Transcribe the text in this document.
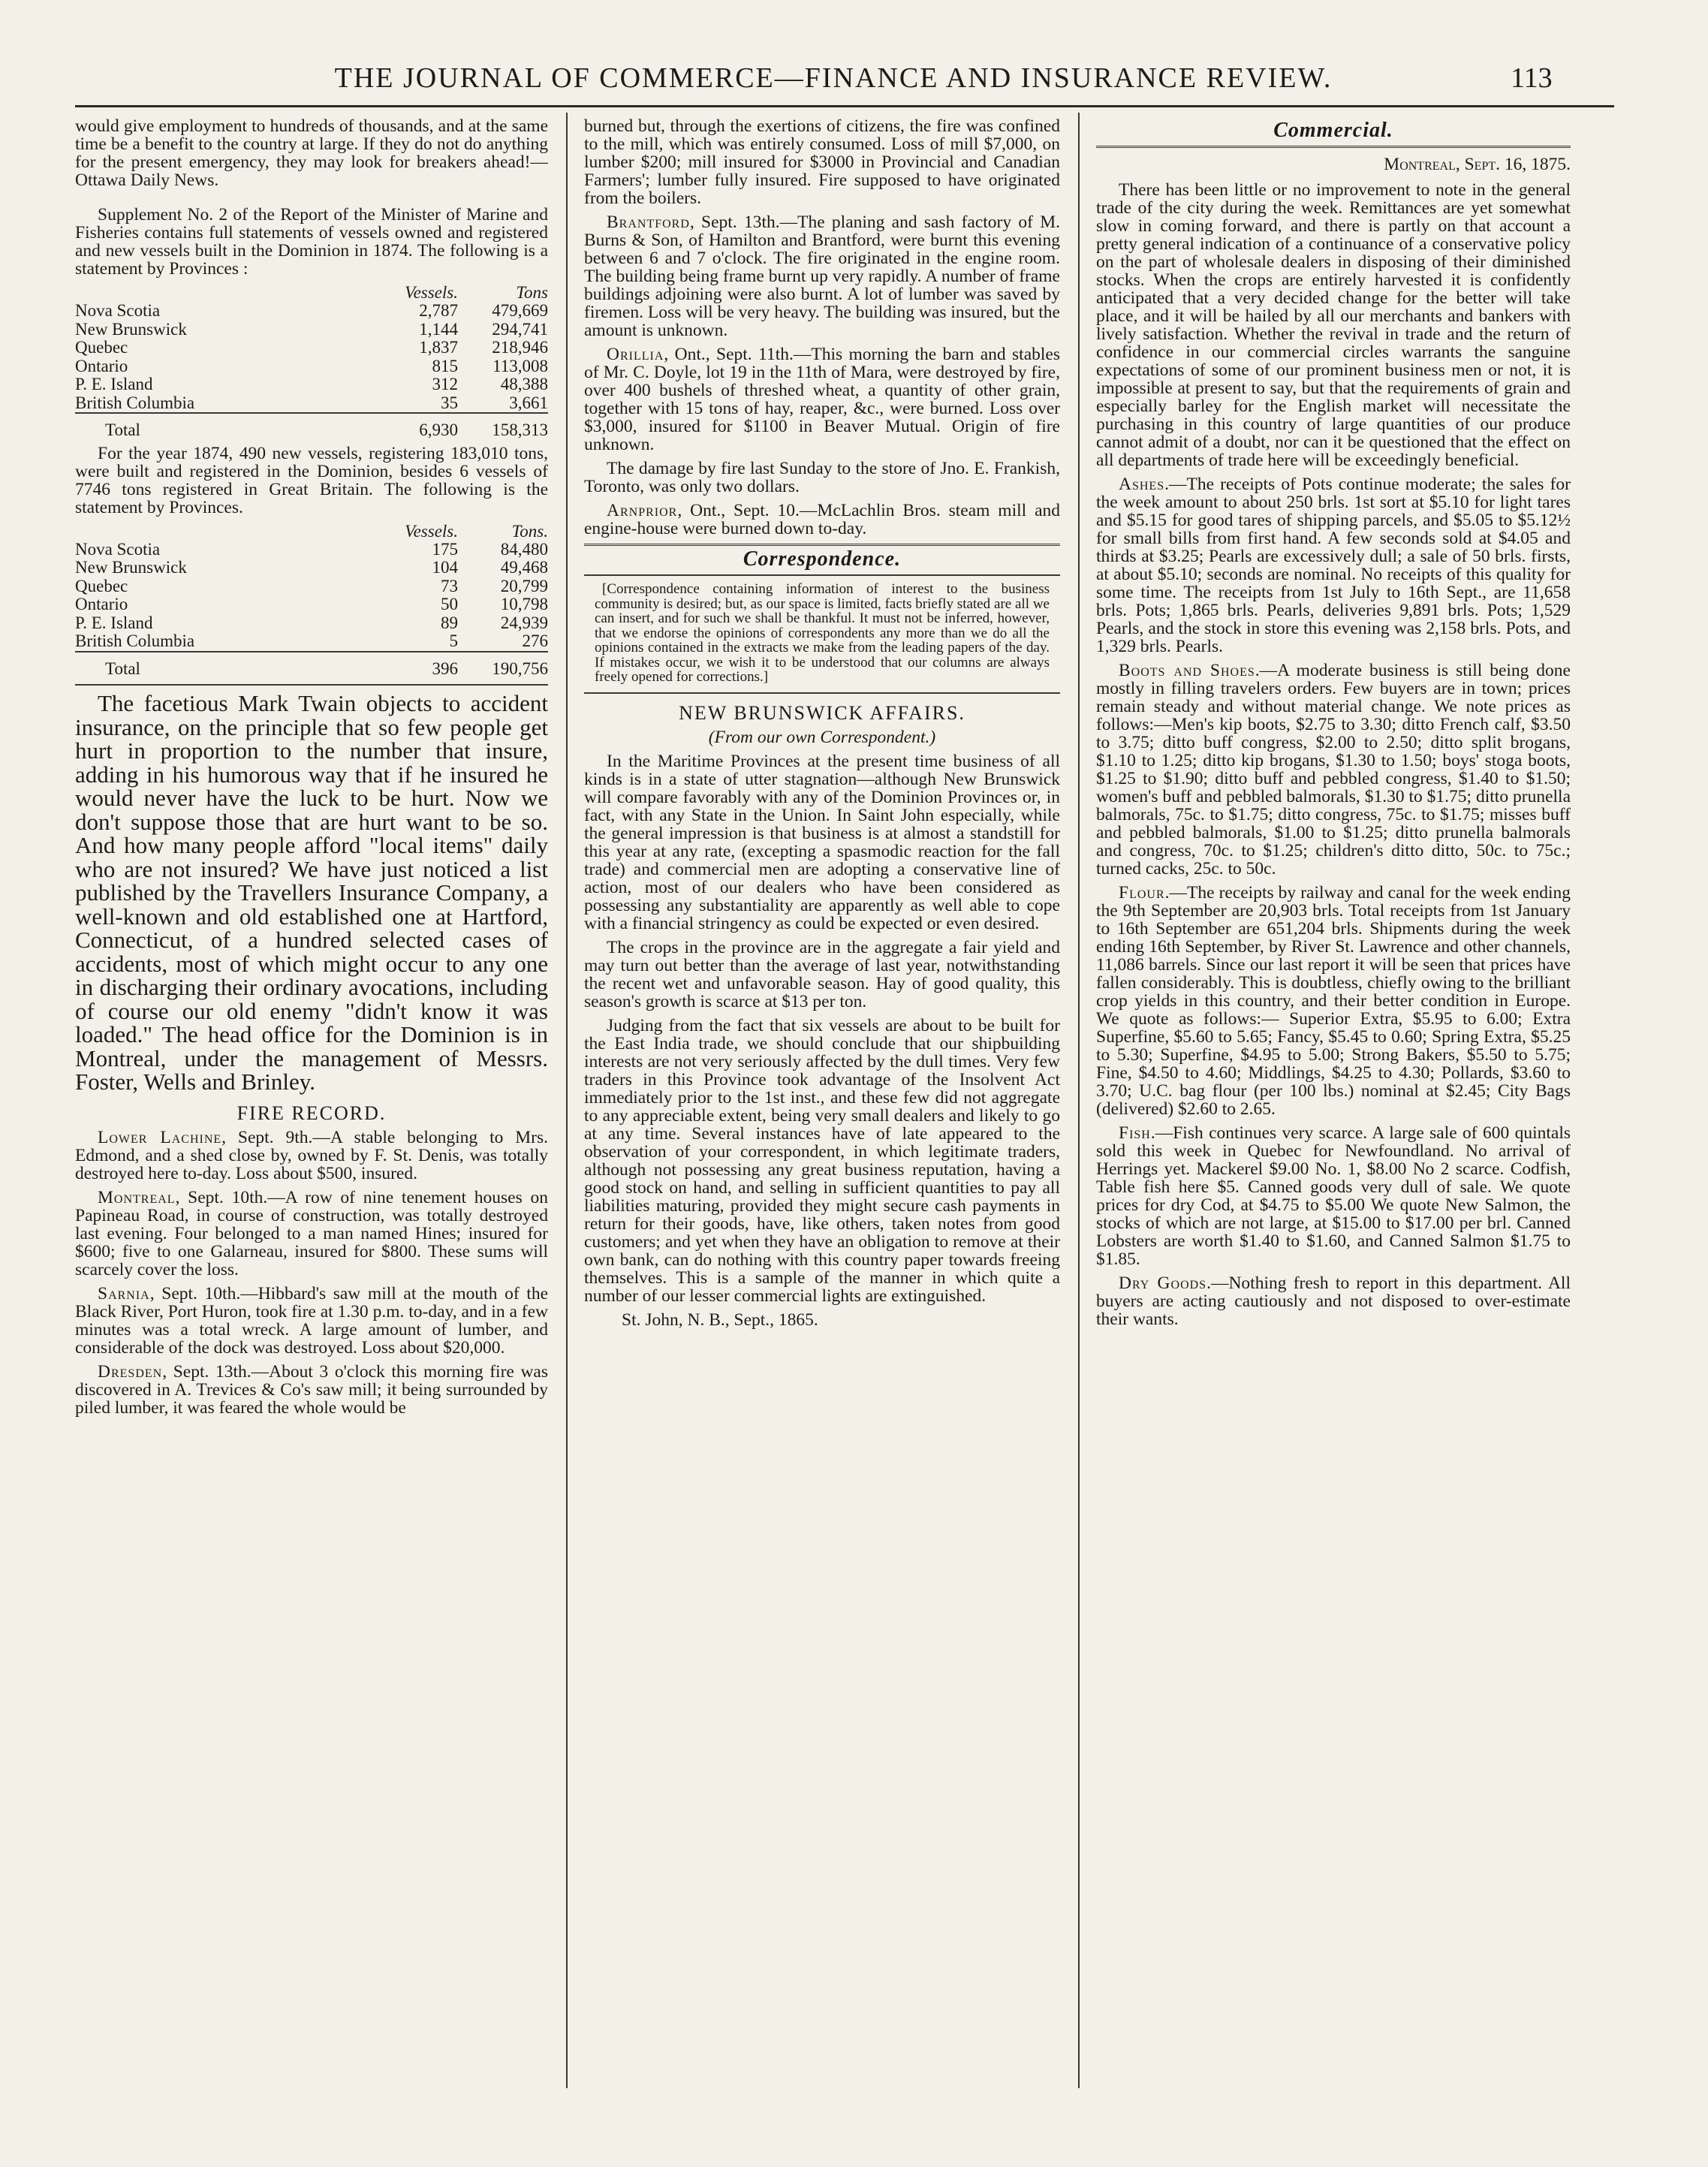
THE JOURNAL OF COMMERCE—FINANCE AND INSURANCE REVIEW.	113

would give employment to hundreds of thousands, and at the same time be a benefit to the country at large. If they do not do anything for the present emergency, they may look for breakers ahead!—Ottawa Daily News.

Supplement No. 2 of the Report of the Minister of Marine and Fisheries contains full statements of vessels owned and registered and new vessels built in the Dominion in 1874. The following is a statement by Provinces :

	Vessels.	Tons
Nova Scotia	2,787	479,669
New Brunswick	1,144	294,741
Quebec	1,837	218,946
Ontario	815	113,008
P. E. Island	312	48,388
British Columbia	35	3,661
Total	6,930	158,313

For the year 1874, 490 new vessels, registering 183,010 tons, were built and registered in the Dominion, besides 6 vessels of 7746 tons registered in Great Britain. The following is the statement by Provinces.

	Vessels.	Tons.
Nova Scotia	175	84,480
New Brunswick	104	49,468
Quebec	73	20,799
Ontario	50	10,798
P. E. Island	89	24,939
British Columbia	5	276
Total	396	190,756

The facetious Mark Twain objects to accident insurance, on the principle that so few people get hurt in proportion to the number that insure, adding in his humorous way that if he insured he would never have the luck to be hurt. Now we don't suppose those that are hurt want to be so. And how many people afford "local items" daily who are not insured? We have just noticed a list published by the Travellers Insurance Company, a well-known and old established one at Hartford, Connecticut, of a hundred selected cases of accidents, most of which might occur to any one in discharging their ordinary avocations, including of course our old enemy "didn't know it was loaded." The head office for the Dominion is in Montreal, under the management of Messrs. Foster, Wells and Brinley.

FIRE RECORD.

Lower Lachine, Sept. 9th.—A stable belonging to Mrs. Edmond, and a shed close by, owned by F. St. Denis, was totally destroyed here to-day. Loss about $500, insured.

Montreal, Sept. 10th.—A row of nine tenement houses on Papineau Road, in course of construction, was totally destroyed last evening. Four belonged to a man named Hines; insured for $600; five to one Galarneau, insured for $800. These sums will scarcely cover the loss.

Sarnia, Sept. 10th.—Hibbard's saw mill at the mouth of the Black River, Port Huron, took fire at 1.30 p.m. to-day, and in a few minutes was a total wreck. A large amount of lumber, and considerable of the dock was destroyed. Loss about $20,000.

Dresden, Sept. 13th.—About 3 o'clock this morning fire was discovered in A. Trevices & Co's saw mill; it being surrounded by piled lumber, it was feared the whole would be

burned but, through the exertions of citizens, the fire was confined to the mill, which was entirely consumed. Loss of mill $7,000, on lumber $200; mill insured for $3000 in Provincial and Canadian Farmers'; lumber fully insured. Fire supposed to have originated from the boilers.

Brantford, Sept. 13th.—The planing and sash factory of M. Burns & Son, of Hamilton and Brantford, were burnt this evening between 6 and 7 o'clock. The fire originated in the engine room. The building being frame burnt up very rapidly. A number of frame buildings adjoining were also burnt. A lot of lumber was saved by firemen. Loss will be very heavy. The building was insured, but the amount is unknown.

Orillia, Ont., Sept. 11th.—This morning the barn and stables of Mr. C. Doyle, lot 19 in the 11th of Mara, were destroyed by fire, over 400 bushels of threshed wheat, a quantity of other grain, together with 15 tons of hay, reaper, &c., were burned. Loss over $3,000, insured for $1100 in Beaver Mutual. Origin of fire unknown.

The damage by fire last Sunday to the store of Jno. E. Frankish, Toronto, was only two dollars.

Arnprior, Ont., Sept. 10.—McLachlin Bros. steam mill and engine-house were burned down to-day.

Correspondence.
[Correspondence containing information of interest to the business community is desired; but, as our space is limited, facts briefly stated are all we can insert, and for such we shall be thankful. It must not be inferred, however, that we endorse the opinions of correspondents any more than we do all the opinions contained in the extracts we make from the leading papers of the day. If mistakes occur, we wish it to be understood that our columns are always freely opened for corrections.]
NEW BRUNSWICK AFFAIRS.
(From our own Correspondent.)

In the Maritime Provinces at the present time business of all kinds is in a state of utter stagnation—although New Brunswick will compare favorably with any of the Dominion Provinces or, in fact, with any State in the Union. In Saint John especially, while the general impression is that business is at almost a standstill for this year at any rate, (excepting a spasmodic reaction for the fall trade) and commercial men are adopting a conservative line of action, most of our dealers who have been considered as possessing any substantiality are apparently as well able to cope with a financial stringency as could be expected or even desired.

The crops in the province are in the aggregate a fair yield and may turn out better than the average of last year, notwithstanding the recent wet and unfavorable season. Hay of good quality, this season's growth is scarce at $13 per ton.

Judging from the fact that six vessels are about to be built for the East India trade, we should conclude that our shipbuilding interests are not very seriously affected by the dull times. Very few traders in this Province took advantage of the Insolvent Act immediately prior to the 1st inst., and these few did not aggregate to any appreciable extent, being very small dealers and likely to go at any time. Several instances have of late appeared to the observation of your correspondent, in which legitimate traders, although not possessing any great business reputation, having a good stock on hand, and selling in sufficient quantities to pay all liabilities maturing, provided they might secure cash payments in return for their goods, have, like others, taken notes from good customers; and yet when they have an obligation to remove at their own bank, can do nothing with this country paper towards freeing themselves. This is a sample of the manner in which quite a number of our lesser commercial lights are extinguished.

St. John, N. B., Sept., 1865.

Commercial.
Montreal, Sept. 16, 1875.

There has been little or no improvement to note in the general trade of the city during the week. Remittances are yet somewhat slow in coming forward, and there is partly on that account a pretty general indication of a continuance of a conservative policy on the part of wholesale dealers in disposing of their diminished stocks. When the crops are entirely harvested it is confidently anticipated that a very decided change for the better will take place, and it will be hailed by all our merchants and bankers with lively satisfaction. Whether the revival in trade and the return of confidence in our commercial circles warrants the sanguine expectations of some of our prominent business men or not, it is impossible at present to say, but that the requirements of grain and especially barley for the English market will necessitate the purchasing in this country of large quantities of our produce cannot admit of a doubt, nor can it be questioned that the effect on all departments of trade here will be exceedingly beneficial.

Ashes.—The receipts of Pots continue moderate; the sales for the week amount to about 250 brls. 1st sort at $5.10 for light tares and $5.15 for good tares of shipping parcels, and $5.05 to $5.12½ for small bills from first hand. A few seconds sold at $4.05 and thirds at $3.25; Pearls are excessively dull; a sale of 50 brls. firsts, at about $5.10; seconds are nominal. No receipts of this quality for some time. The receipts from 1st July to 16th Sept., are 11,658 brls. Pots; 1,865 brls. Pearls, deliveries 9,891 brls. Pots; 1,529 Pearls, and the stock in store this evening was 2,158 brls. Pots, and 1,329 brls. Pearls.

Boots and Shoes.—A moderate business is still being done mostly in filling travelers orders. Few buyers are in town; prices remain steady and without material change. We note prices as follows:—Men's kip boots, $2.75 to 3.30; ditto French calf, $3.50 to 3.75; ditto buff congress, $2.00 to 2.50; ditto split brogans, $1.10 to 1.25; ditto kip brogans, $1.30 to 1.50; boys' stoga boots, $1.25 to $1.90; ditto buff and pebbled congress, $1.40 to $1.50; women's buff and pebbled balmorals, $1.30 to $1.75; ditto prunella balmorals, 75c. to $1.75; ditto congress, 75c. to $1.75; misses buff and pebbled balmorals, $1.00 to $1.25; ditto prunella balmorals and congress, 70c. to $1.25; children's ditto ditto, 50c. to 75c.; turned cacks, 25c. to 50c.

Flour.—The receipts by railway and canal for the week ending the 9th September are 20,903 brls. Total receipts from 1st January to 16th September are 651,204 brls. Shipments during the week ending 16th September, by River St. Lawrence and other channels, 11,086 barrels. Since our last report it will be seen that prices have fallen considerably. This is doubtless, chiefly owing to the brilliant crop yields in this country, and their better condition in Europe. We quote as follows:— Superior Extra, $5.95 to 6.00; Extra Superfine, $5.60 to 5.65; Fancy, $5.45 to 0.60; Spring Extra, $5.25 to 5.30; Superfine, $4.95 to 5.00; Strong Bakers, $5.50 to 5.75; Fine, $4.50 to 4.60; Middlings, $4.25 to 4.30; Pollards, $3.60 to 3.70; U.C. bag flour (per 100 lbs.) nominal at $2.45; City Bags (delivered) $2.60 to 2.65.

Fish.—Fish continues very scarce. A large sale of 600 quintals sold this week in Quebec for Newfoundland. No arrival of Herrings yet. Mackerel $9.00 No. 1, $8.00 No 2 scarce. Codfish, Table fish here $5. Canned goods very dull of sale. We quote prices for dry Cod, at $4.75 to $5.00 We quote New Salmon, the stocks of which are not large, at $15.00 to $17.00 per brl. Canned Lobsters are worth $1.40 to $1.60, and Canned Salmon $1.75 to $1.85.

Dry Goods.—Nothing fresh to report in this department. All buyers are acting cautiously and not disposed to over-estimate their wants.
